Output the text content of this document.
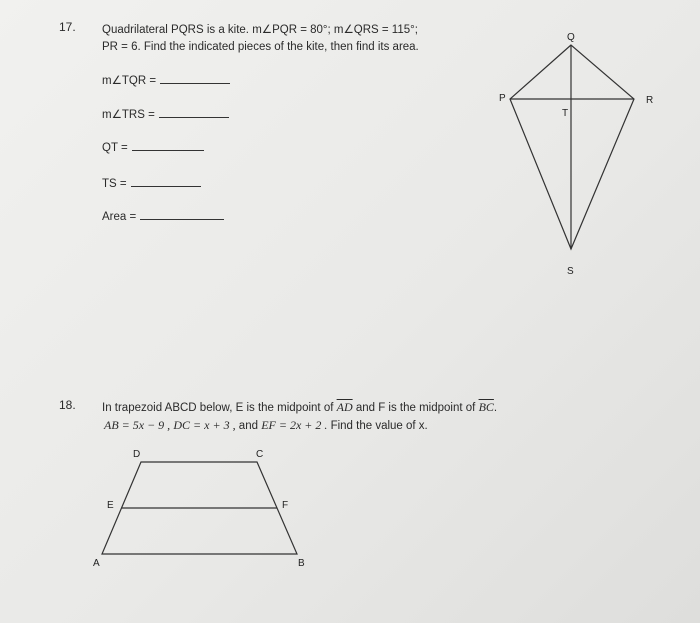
17. Quadrilateral PQRS is a kite. m∠PQR = 80°; m∠QRS = 115°;
PR = 6. Find the indicated pieces of the kite, then find its area.
m∠TQR =
m∠TRS =
QT =
TS =
Area =
18. In trapezoid ABCD below, E is the midpoint of $\overline{AD}$ and F is the midpoint of $\overline{BC}$.
AB = 5x − 9 , DC = x + 3 , and EF = 2x + 2 . Find the value of x.
Q
P	R
T
S
D	C
E	F
A	B
